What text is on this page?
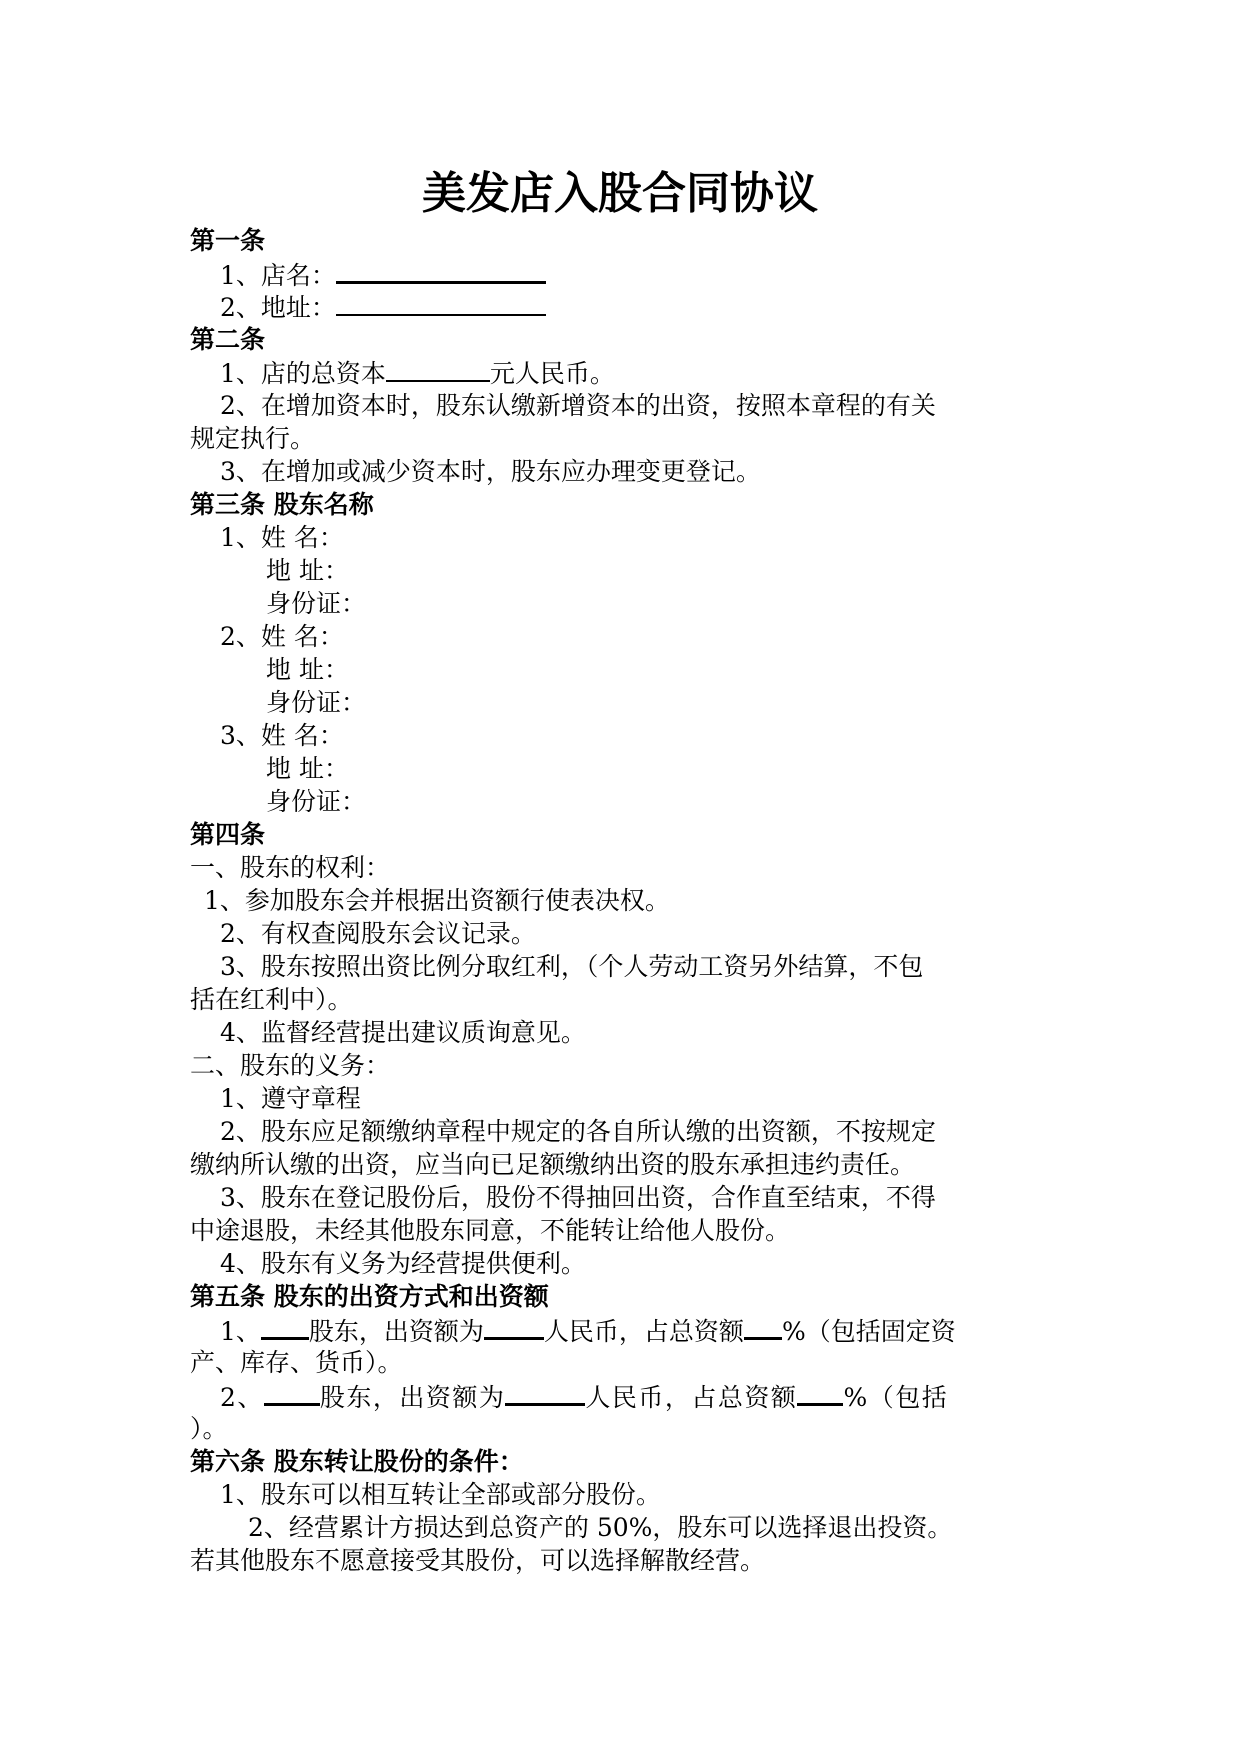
美发店入股合同协议
第一条
1、店名：
2、地址：
第二条
1、店的总资本	元人民币。
2、在增加资本时，股东认缴新增资本的出资，按照本章程的有关
规定执行。
3、在增加或减少资本时，股东应办理变更登记。
第三条 股东名称
1、姓 名：
地 址：
身份证：
2、姓 名：
地 址：
身份证：
3、姓 名：
地 址：
身份证：
第四条
一、股东的权利：
1、参加股东会并根据出资额行使表决权。
2、有权查阅股东会议记录。
3、股东按照出资比例分取红利，（个人劳动工资另外结算，不包
括在红利中）。
4、监督经营提出建议质询意见。
二、股东的义务：
1、遵守章程
2、股东应足额缴纳章程中规定的各自所认缴的出资额，不按规定
缴纳所认缴的出资，应当向已足额缴纳出资的股东承担违约责任。
3、股东在登记股份后，股份不得抽回出资，合作直至结束，不得
中途退股，未经其他股东同意，不能转让给他人股份。
4、股东有义务为经营提供便利。
第五条 股东的出资方式和出资额
1、 股东，出资额为 人民币，占总资额 %（包括固定资
产、库存、货币）。
2、 股东，出资额为	人民币，占总资额 %（包括
）。
第六条 股东转让股份的条件：
1、股东可以相互转让全部或部分股份。
2、经营累计方损达到总资产的 50%，股东可以选择退出投资。
若其他股东不愿意接受其股份，可以选择解散经营。
